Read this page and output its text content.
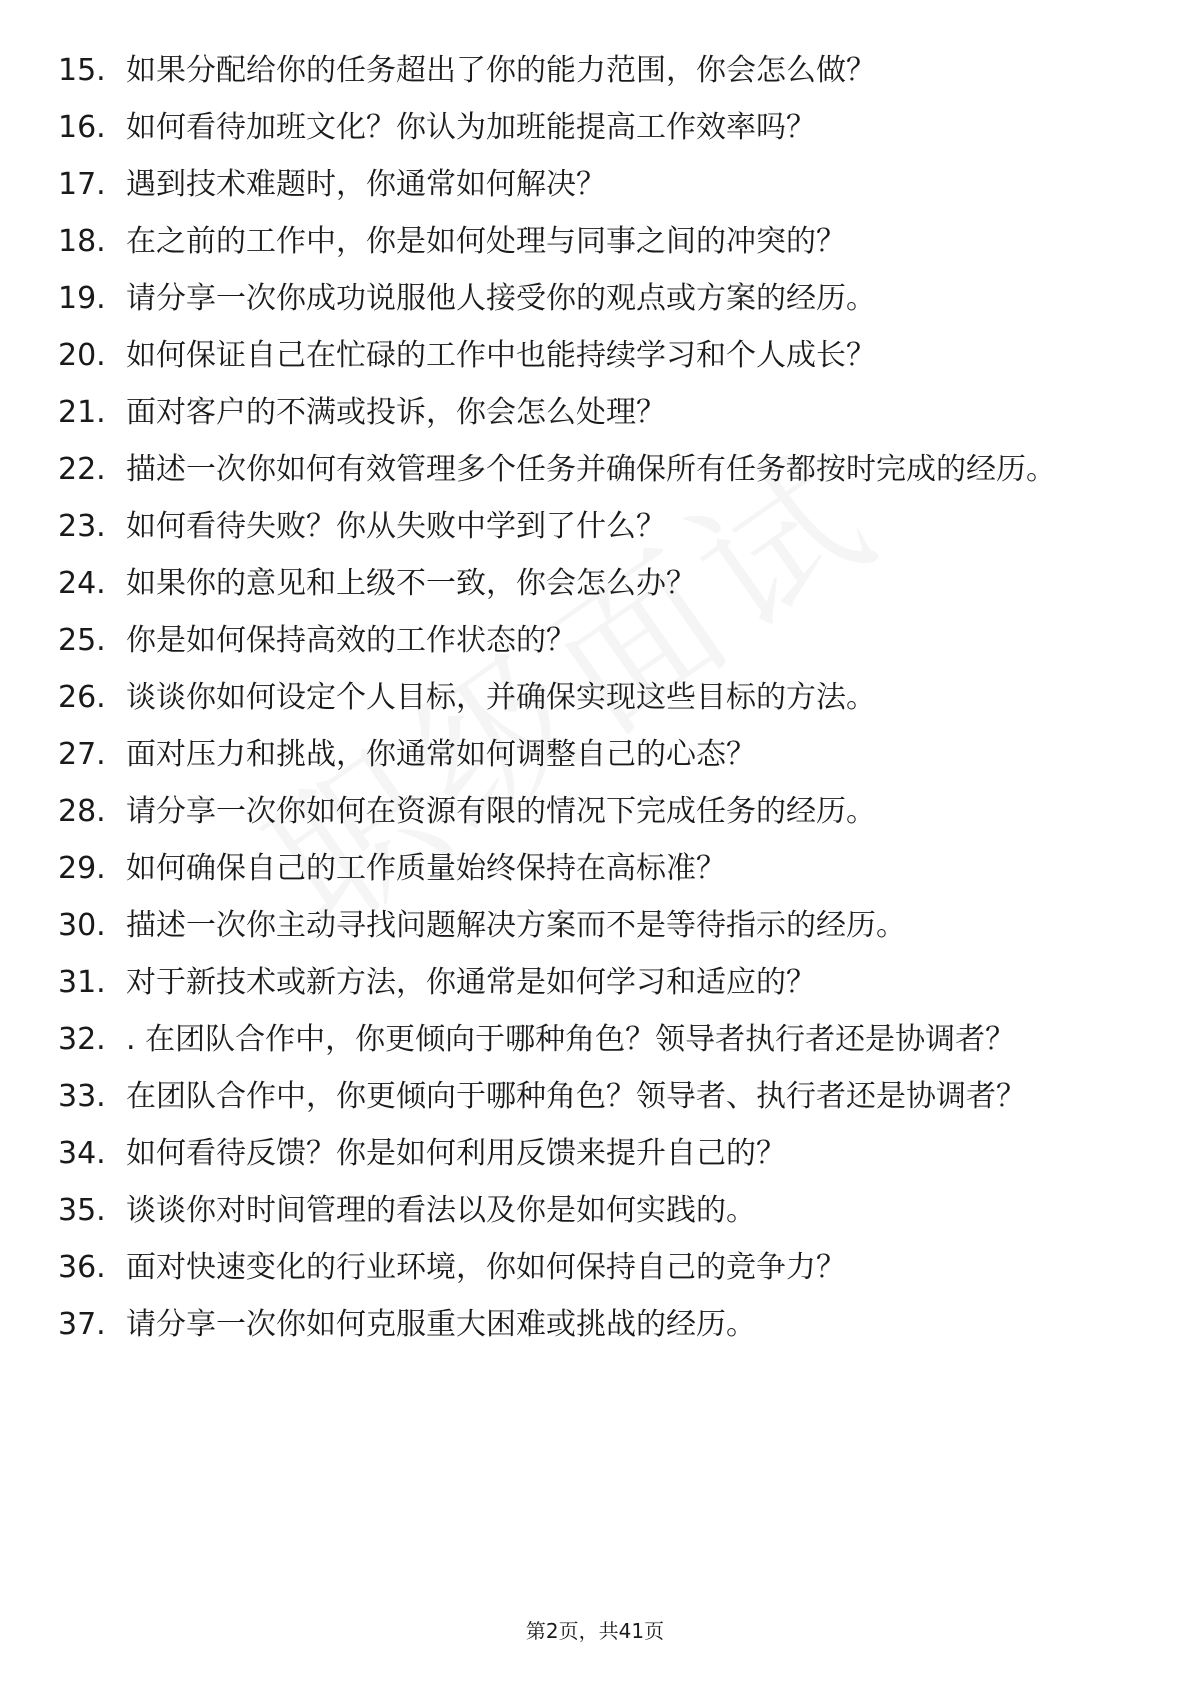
15. 如果分配给你的任务超出了你的能力范围，你会怎么做？
16. 如何看待加班文化？你认为加班能提高工作效率吗？
17. 遇到技术难题时，你通常如何解决？
18. 在之前的工作中，你是如何处理与同事之间的冲突的？
19. 请分享一次你成功说服他人接受你的观点或方案的经历。
20. 如何保证自己在忙碌的工作中也能持续学习和个人成长？
21. 面对客户的不满或投诉，你会怎么处理？
22. 描述一次你如何有效管理多个任务并确保所有任务都按时完成的经历。
23. 如何看待失败？你从失败中学到了什么？
24. 如果你的意见和上级不一致，你会怎么办？
25. 你是如何保持高效的工作状态的？
26. 谈谈你如何设定个人目标，并确保实现这些目标的方法。
27. 面对压力和挑战，你通常如何调整自己的心态？
28. 请分享一次你如何在资源有限的情况下完成任务的经历。
29. 如何确保自己的工作质量始终保持在高标准？
30. 描述一次你主动寻找问题解决方案而不是等待指示的经历。
31. 对于新技术或新方法，你通常是如何学习和适应的？
32. . 在团队合作中，你更倾向于哪种角色？领导者执行者还是协调者？
33. 在团队合作中，你更倾向于哪种角色？领导者、执行者还是协调者？
34. 如何看待反馈？你是如何利用反馈来提升自己的？
35. 谈谈你对时间管理的看法以及你是如何实践的。
36. 面对快速变化的行业环境，你如何保持自己的竞争力？
37. 请分享一次你如何克服重大困难或挑战的经历。
第2页，共41页
